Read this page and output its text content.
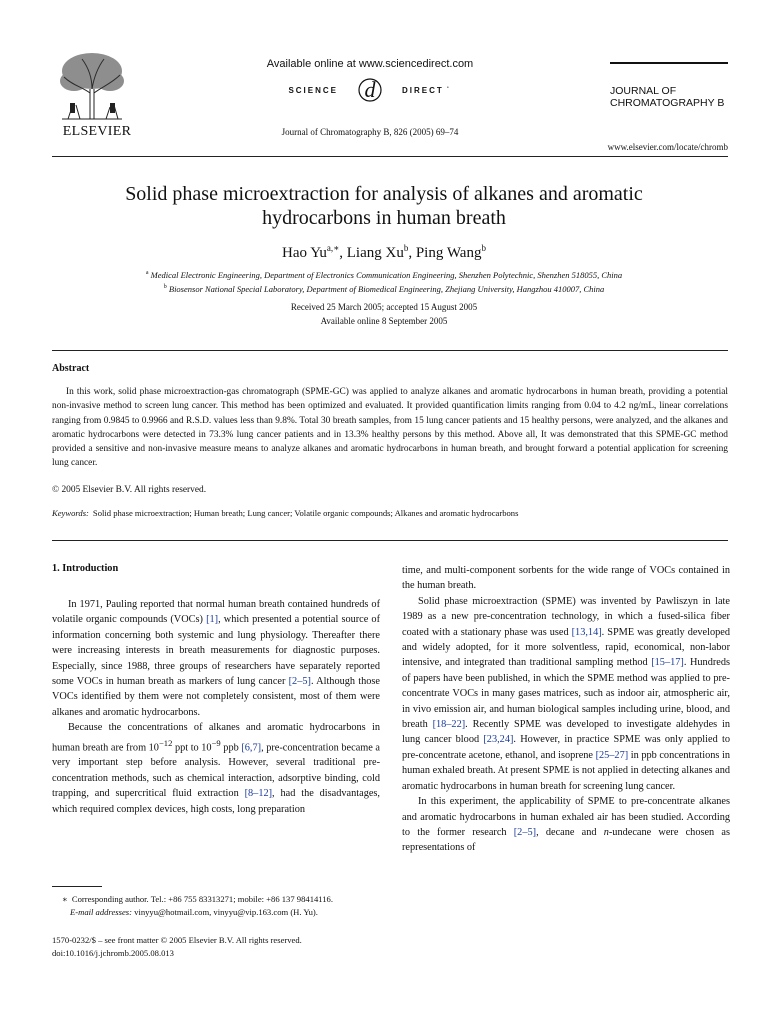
ELSEVIER
Available online at www.sciencedirect.com
SCIENCE d	DIRECT •
Journal of Chromatography B, 826 (2005) 69–74
JOURNAL OF
CHROMATOGRAPHY B
www.elsevier.com/locate/chromb
Solid phase microextraction for analysis of alkanes and aromatic
hydrocarbons in human breath
Hao $Yu^{a,∗}$, Liang Xu$^b$, Ping Wang$^b$
$^a$ Medical Electronic Engineering, Department of Electronics Communication Engineering, Shenzhen Polytechnic, Shenzhen 518055, China
$^b$ Biosensor National Special Laboratory, Department of Biomedical Engineering, Zhejiang University, Hangzhou 410007, China
Received 25 March 2005; accepted 15 August 2005
Available online 8 September 2005
Abstract
In this work, solid phase microextraction-gas chromatograph (SPME-GC) was applied to analyze alkanes and aromatic hydrocarbons in human breath, providing a potential non-invasive method to screen lung cancer. This method has been optimized and evaluated. It provided quantification limits ranging from 0.04 to 4.2 ng/mL, linear correlations ranging from 0.9845 to 0.9966 and R.S.D. values less than 9.8%. Total 30 breath samples, from 15 lung cancer patients and 15 healthy persons, were analyzed, and the alkanes and aromatic hydrocarbons were detected in 73.3% lung cancer patients and in 13.3% healthy persons by this method. Above all, It was demonstrated that this SPME-GC method provided a sensitive and non-invasive measure means to analyze alkanes and aromatic hydrocarbons in human breath, and brought forward a potential application for screening lung cancer.
© 2005 Elsevier B.V. All rights reserved.
Keywords: Solid phase microextraction; Human breath; Lung cancer; Volatile organic compounds; Alkanes and aromatic hydrocarbons
1. Introduction

In 1971, Pauling reported that normal human breath contained hundreds of volatile organic compounds (VOCs) [1], which presented a potential source of information concerning both systemic and lung physiology. Thereafter there were increasing interests in breath measurements for diagnostic purposes. Especially, since 1988, three groups of researchers have separately reported some VOCs in human breath as markers of lung cancer [2–5]. Although those VOCs identified by them were not completely consistent, most of them were alkanes and aromatic hydrocarbons.

Because the concentrations of alkanes and aromatic hydrocarbons in human breath are from $10^{-12}$ ppt to $10^{-9}$ ppb [6,7], pre-concentration became a very important step before analysis. However, several traditional pre-concentration methods, such as chemical interaction, adsorptive binding, cold trapping, and supercritical fluid extraction [8–12], had the disadvantages, which required complex devices, high costs, long preparation

time, and multi-component sorbents for the wide range of VOCs contained in the human breath.

Solid phase microextraction (SPME) was invented by Pawliszyn in late 1989 as a new pre-concentration technology, in which a fused-silica fiber coated with a stationary phase was used [13,14]. SPME was greatly developed and widely adopted, for it more solventless, rapid, economical, non-labor intensive, and integrated than traditional sampling method [15–17]. Hundreds of papers have been published, in which the SPME method was applied to pre-concentrate VOCs in many gases matrices, such as indoor air, atmospheric air, in vivo emission air, and human biological samples including urine, blood, and breath [18–22]. Recently SPME was developed to investigate aldehydes in lung cancer blood [23,24]. However, in practice SPME was only applied to pre-concentrate acetone, ethanol, and isoprene [25–27] in ppb concentrations in human exhaled breath. At present SPME is not applied in detecting alkanes and aromatic hydrocarbons in human breath for screening lung cancer.

In this experiment, the applicability of SPME to pre-concentrate alkanes and aromatic hydrocarbons in human exhaled air has been studied. According to the former research [2–5], decane and n-undecane were chosen as representations of

∗ Corresponding author. Tel.: +86 755 83313271; mobile: +86 137 98414116.
E-mail addresses: vinyyu@hotmail.com, vinyyu@vip.163.com (H. Yu).
1570-0232/$ – see front matter © 2005 Elsevier B.V. All rights reserved.
doi:10.1016/j.jchromb.2005.08.013
